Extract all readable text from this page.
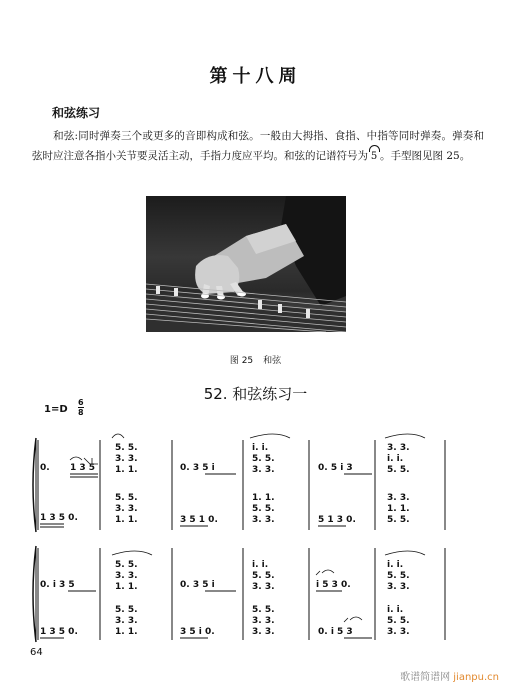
第十八周
和弦练习
和弦:同时弹奏三个或更多的音即构成和弦。一般由大拇指、食指、中指等同时弹奏。弹奏和弦时应注意各指小关节要灵活主动，手指力度应平均。和弦的记谱符号为 5 。手型图见图 25。
图 25 和弦
52. 和弦练习一
1=D
6
8
0. 1 3 5
5. 5.
3. 3.
1. 1.	0. 3 5 i
i. i.
5. 5.
3. 3.	0. 5 i 3
3. 3.
i. i.
5. 5.
1 3 5 0.
5. 5.
3. 3.
1. 1.	3 5 1 0.
1. 1.
5. 5.
3. 3.	5 1 3 0.
3. 3.
1. 1.
5. 5.
0. i 3 5
5. 5.
3. 3.
1. 1.	0. 3 5 i
i. i.
5. 5.
3. 3.	i 5 3 0.
i. i.
5. 5.
3. 3.
1 3 5 0.
5. 5.
3. 3.
1. 1.	3 5 i 0.
5. 5.
3. 3.
3. 3.	0. i 5 3
i. i.
5. 5.
3. 3.
64
歌谱简谱网 jianpu.cn
